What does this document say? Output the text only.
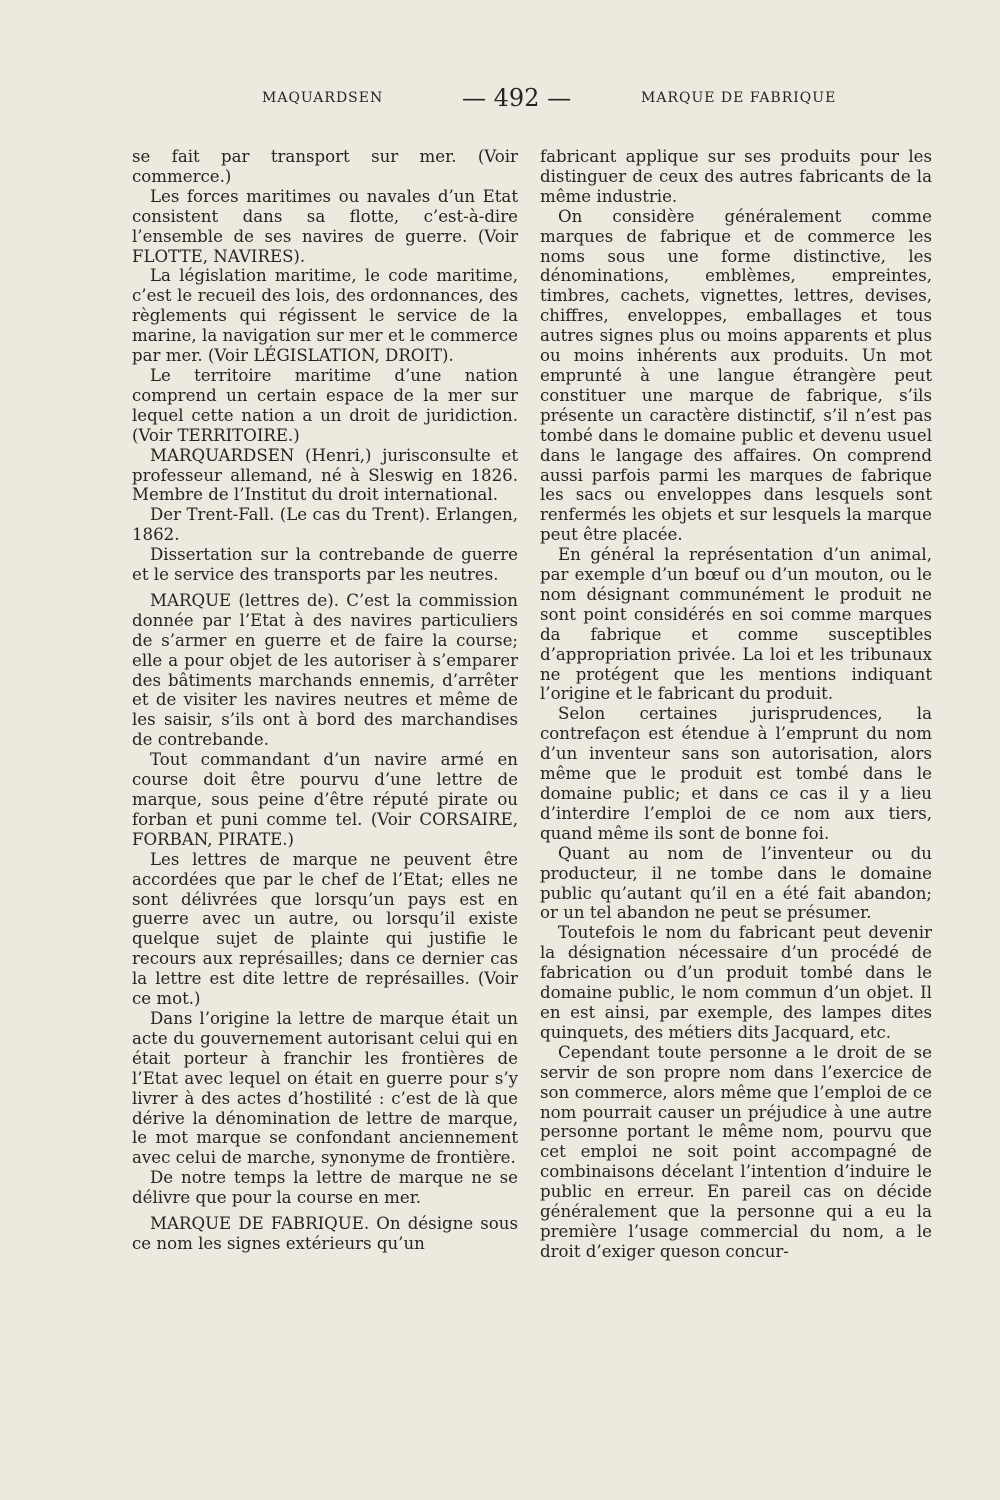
MAQUARDSEN	— 492 —	MARQUE DE FABRIQUE

se fait par transport sur mer. (Voir commerce.)

Les forces maritimes ou navales d’un Etat consistent dans sa flotte, c’est-à-dire l’ensemble de ses navires de guerre. (Voir FLOTTE, NAVIRES).

La législation maritime, le code maritime, c’est le recueil des lois, des ordonnances, des règlements qui régissent le service de la marine, la navigation sur mer et le commerce par mer. (Voir LÉGISLATION, DROIT).

Le territoire maritime d’une nation comprend un certain espace de la mer sur lequel cette nation a un droit de juridiction. (Voir TERRITOIRE.)

MARQUARDSEN (Henri,) jurisconsulte et professeur allemand, né à Sleswig en 1826. Membre de l’Institut du droit international.

Der Trent-Fall. (Le cas du Trent). Erlangen, 1862.

Dissertation sur la contrebande de guerre et le service des transports par les neutres.

MARQUE (lettres de). C’est la commission donnée par l’Etat à des navires particuliers de s’armer en guerre et de faire la course; elle a pour objet de les autoriser à s’emparer des bâtiments marchands ennemis, d’arrêter et de visiter les navires neutres et même de les saisir, s’ils ont à bord des marchandises de contrebande.

Tout commandant d’un navire armé en course doit être pourvu d’une lettre de marque, sous peine d’être réputé pirate ou forban et puni comme tel. (Voir CORSAIRE, FORBAN, PIRATE.)

Les lettres de marque ne peuvent être accordées que par le chef de l’Etat; elles ne sont délivrées que lorsqu’un pays est en guerre avec un autre, ou lorsqu’il existe quelque sujet de plainte qui justifie le recours aux représailles; dans ce dernier cas la lettre est dite lettre de représailles. (Voir ce mot.)

Dans l’origine la lettre de marque était un acte du gouvernement autorisant celui qui en était porteur à franchir les frontières de l’Etat avec lequel on était en guerre pour s’y livrer à des actes d’hostilité : c’est de là que dérive la dénomination de lettre de marque, le mot marque se confondant anciennement avec celui de marche, synonyme de frontière.

De notre temps la lettre de marque ne se délivre que pour la course en mer.

MARQUE DE FABRIQUE. On désigne sous ce nom les signes extérieurs qu’un

fabricant applique sur ses produits pour les distinguer de ceux des autres fabricants de la même industrie.

On considère généralement comme marques de fabrique et de commerce les noms sous une forme distinctive, les dénominations, emblèmes, empreintes, timbres, cachets, vignettes, lettres, devises, chiffres, enveloppes, emballages et tous autres signes plus ou moins apparents et plus ou moins inhérents aux produits. Un mot emprunté à une langue étrangère peut constituer une marque de fabrique, s’ils présente un caractère distinctif, s’il n’est pas tombé dans le domaine public et devenu usuel dans le langage des affaires. On comprend aussi parfois parmi les marques de fabrique les sacs ou enveloppes dans lesquels sont renfermés les objets et sur lesquels la marque peut être placée.

En général la représentation d’un animal, par exemple d’un bœuf ou d’un mouton, ou le nom désignant communément le produit ne sont point considérés en soi comme marques da fabrique et comme susceptibles d’appropriation privée. La loi et les tribunaux ne protégent que les mentions indiquant l’origine et le fabricant du produit.

Selon certaines jurisprudences, la contrefaçon est étendue à l’emprunt du nom d’un inventeur sans son autorisation, alors même que le produit est tombé dans le domaine public; et dans ce cas il y a lieu d’interdire l’emploi de ce nom aux tiers, quand même ils sont de bonne foi.

Quant au nom de l’inventeur ou du producteur, il ne tombe dans le domaine public qu’autant qu’il en a été fait abandon; or un tel abandon ne peut se présumer.

Toutefois le nom du fabricant peut devenir la désignation nécessaire d’un procédé de fabrication ou d’un produit tombé dans le domaine public, le nom commun d’un objet. Il en est ainsi, par exemple, des lampes dites quinquets, des métiers dits Jacquard, etc.

Cependant toute personne a le droit de se servir de son propre nom dans l’exercice de son commerce, alors même que l’emploi de ce nom pourrait causer un préjudice à une autre personne portant le même nom, pourvu que cet emploi ne soit point accompagné de combinaisons décelant l’intention d’induire le public en erreur. En pareil cas on décide généralement que la personne qui a eu la première l’usage commercial du nom, a le droit d’exiger queson concur-
